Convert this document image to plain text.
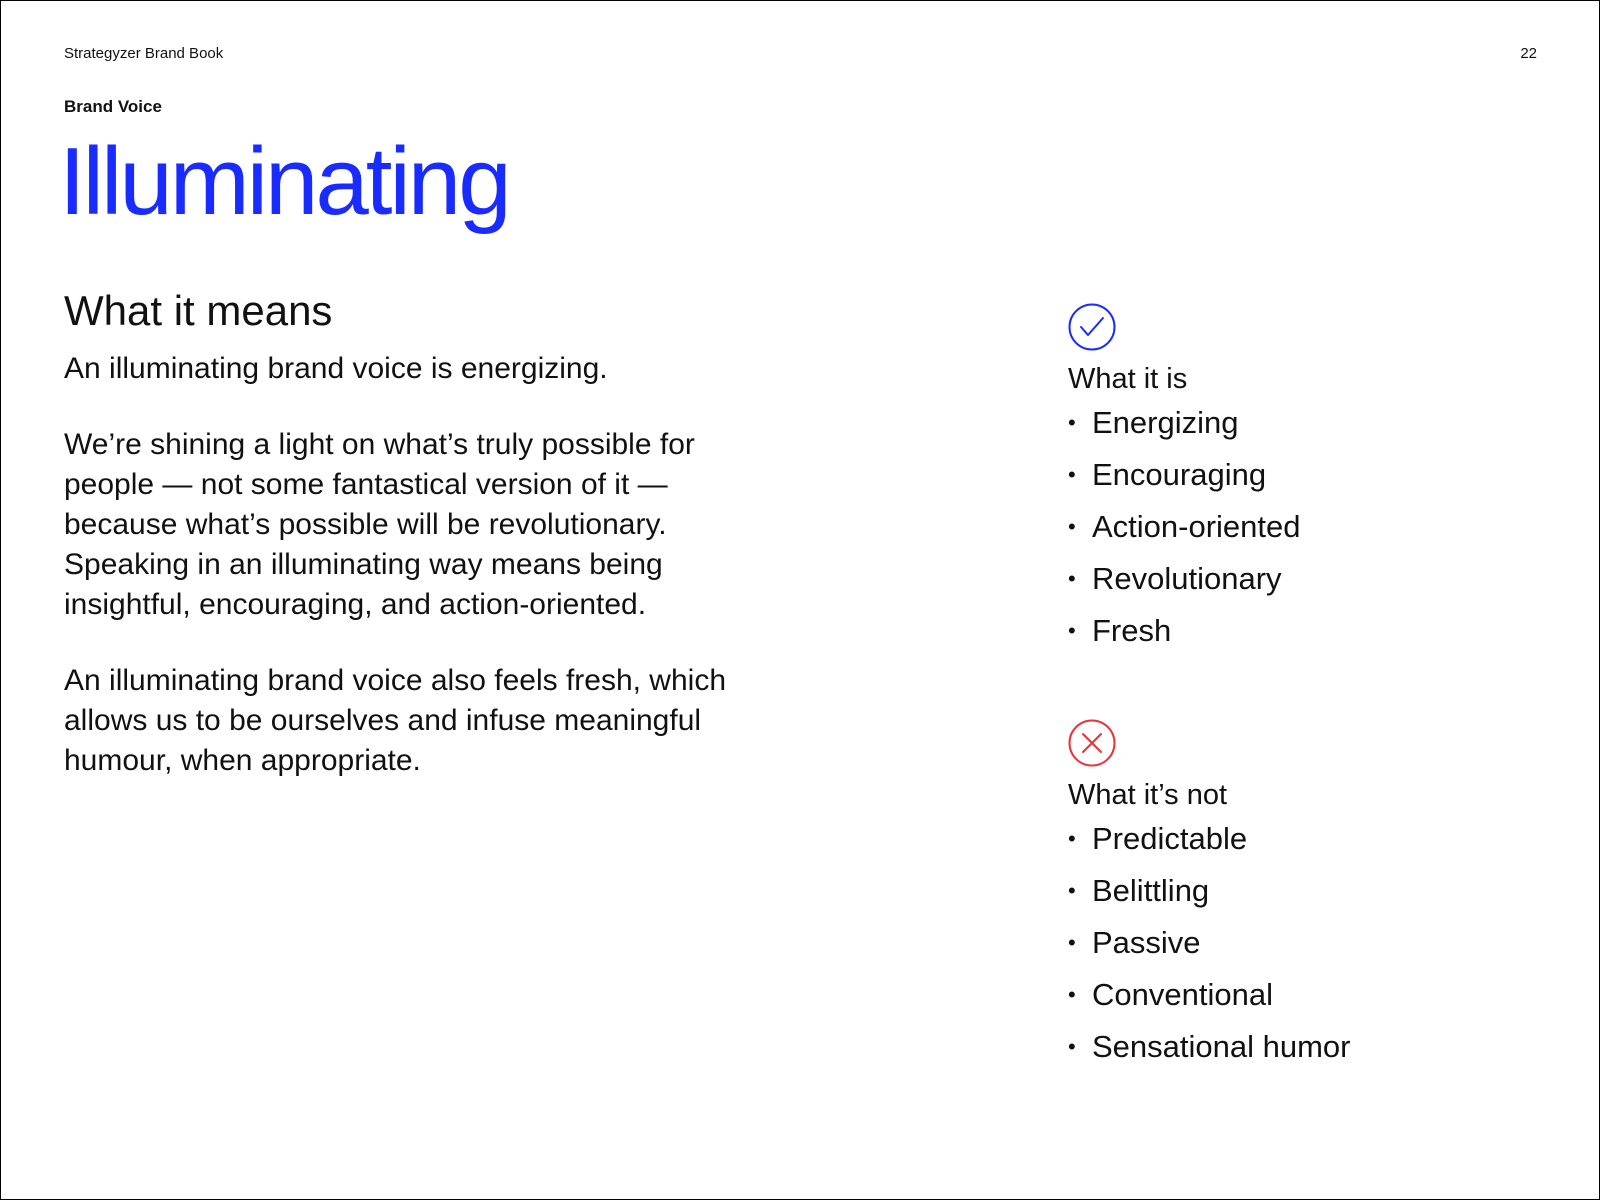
Strategyzer Brand Book	22
Brand Voice
Illuminating
What it means

An illuminating brand voice is energizing.

We’re shining a light on what’s truly possible for people — not some fantastical version of it — because what’s possible will be revolutionary. Speaking in an illuminating way means being insightful, encouraging, and action-oriented.

An illuminating brand voice also feels fresh, which allows us to be ourselves and infuse meaningful humour, when appropriate.

What it is
• Energizing
• Encouraging
• Action-oriented
• Revolutionary
• Fresh
What it’s not
• Predictable
• Belittling
• Passive
• Conventional
• Sensational humor
